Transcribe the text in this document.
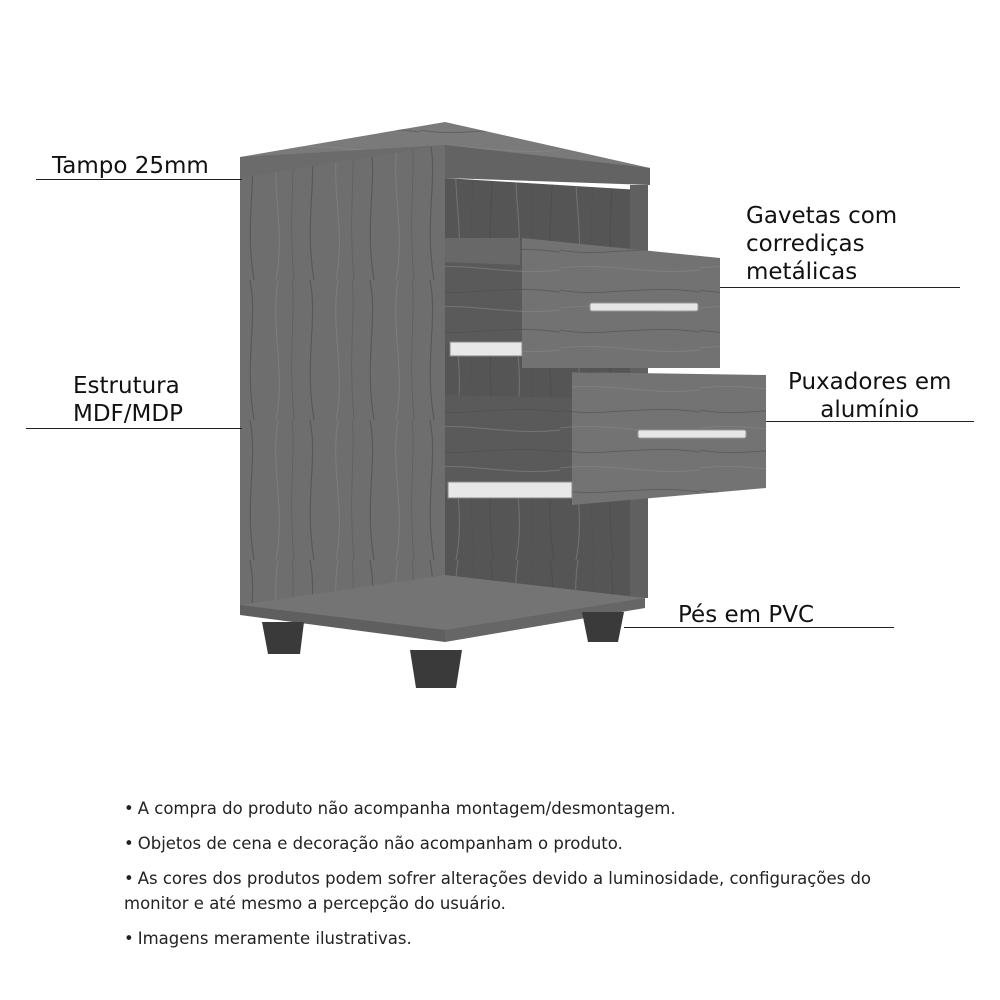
Tampo 25mm
Gavetas com
corrediças
metálicas
Estrutura
MDF/MDP
Puxadores em
alumínio
Pés em PVC
• A compra do produto não acompanha montagem/desmontagem.
• Objetos de cena e decoração não acompanham o produto.
• As cores dos produtos podem sofrer alterações devido a luminosidade, configurações do monitor e até mesmo a percepção do usuário.
• Imagens meramente ilustrativas.
